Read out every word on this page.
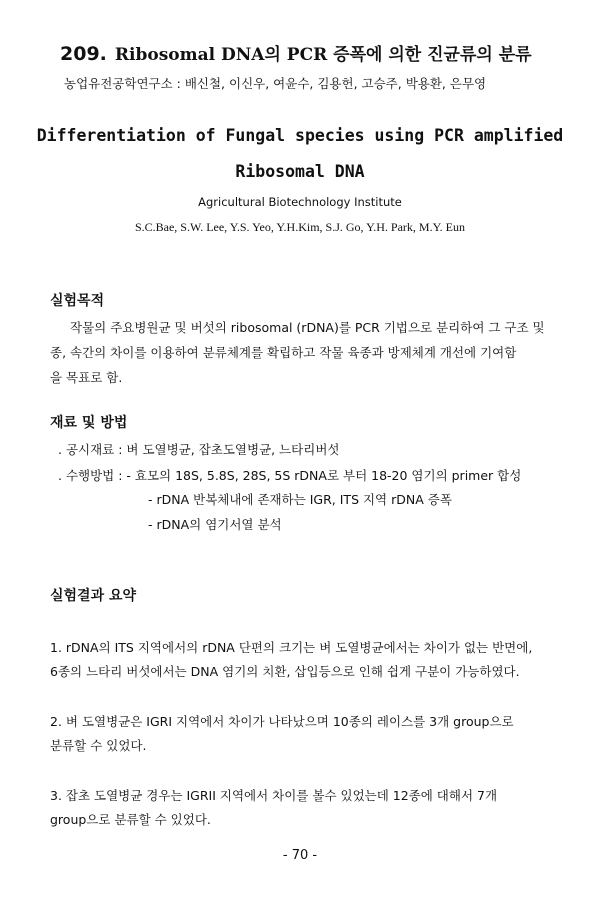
209. Ribosomal DNA의 PCR 증폭에 의한 진균류의 분류
농업유전공학연구소 : 배신철, 이신우, 여윤수, 김용헌, 고승주, 박용환, 은무영
Differentiation of Fungal species using PCR amplified
Ribosomal DNA
Agricultural Biotechnology Institute
S.C.Bae, S.W. Lee, Y.S. Yeo, Y.H.Kim, S.J. Go, Y.H. Park, M.Y. Eun
실험목적
작물의 주요병원균 및 버섯의 ribosomal (rDNA)를 PCR 기법으로 분리하여 그 구조 및
종, 속간의 차이를 이용하여 분류체계를 확립하고 작물 육종과 방제체계 개선에 기여함
을 목표로 함.
재료 및 방법
. 공시재료 : 벼 도열병균, 잡초도열병균, 느타리버섯
. 수행방법 : - 효모의 18S, 5.8S, 28S, 5S rDNA로 부터 18-20 염기의 primer 합성
- rDNA 반복체내에 존재하는 IGR, ITS 지역 rDNA 증폭
- rDNA의 염기서열 분석
실험결과 요약
1. rDNA의 ITS 지역에서의 rDNA 단편의 크기는 벼 도열병균에서는 차이가 없는 반면에,
6종의 느타리 버섯에서는 DNA 염기의 치환, 삽입등으로 인해 쉽게 구분이 가능하였다.
2. 벼 도열병균은 IGRI 지역에서 차이가 나타났으며 10종의 레이스를 3개 group으로
분류할 수 있었다.
3. 잡초 도열병균 경우는 IGRII 지역에서 차이를 볼수 있었는데 12종에 대해서 7개
group으로 분류할 수 있었다.
- 70 -
